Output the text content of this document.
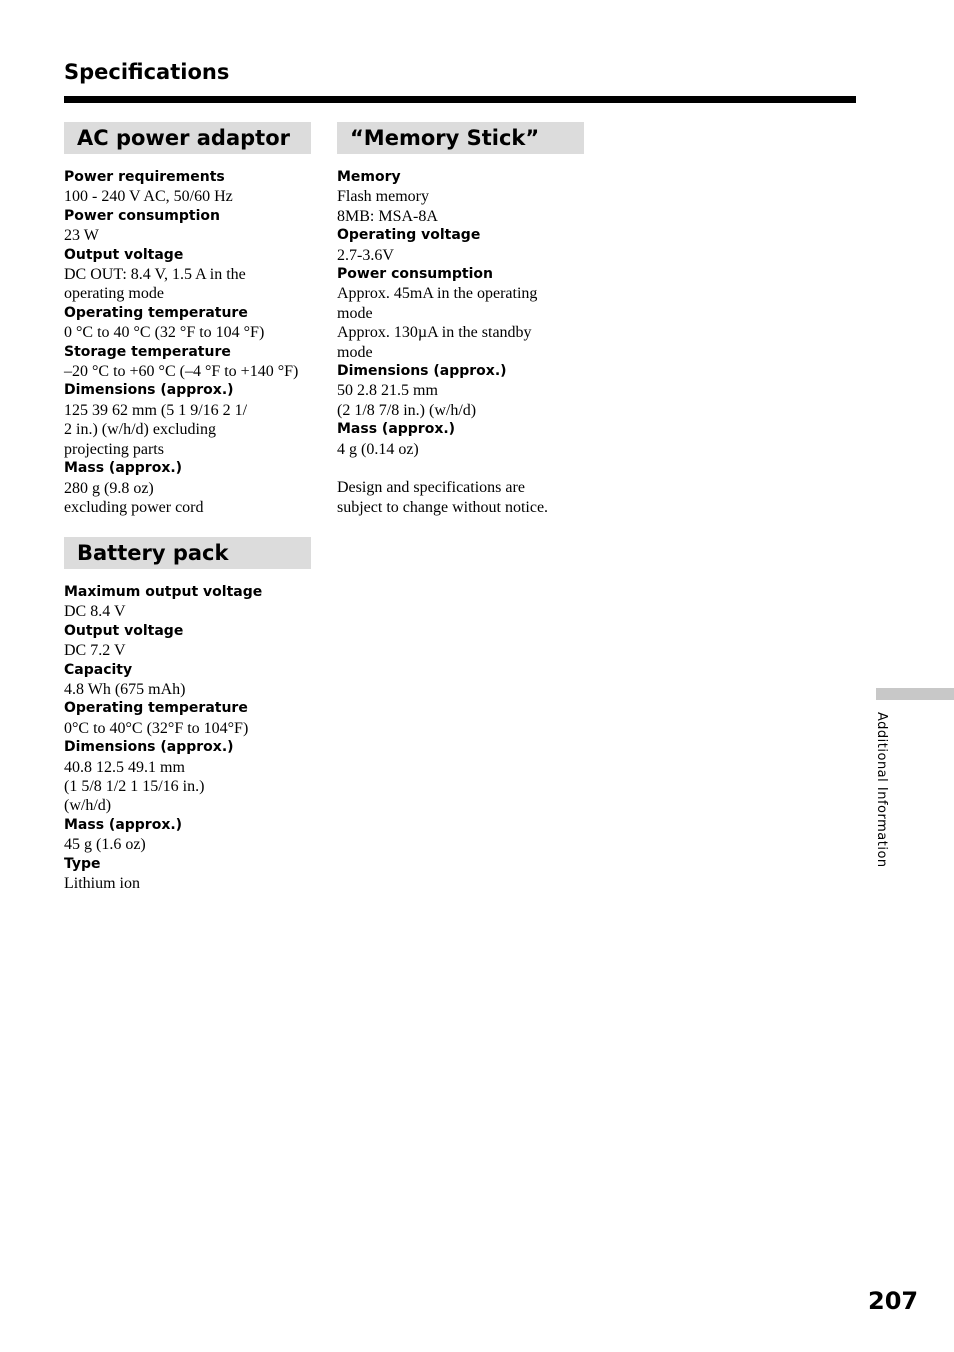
Specifications
AC power adaptor
Power requirements
100 - 240 V AC, 50/60 Hz
Power consumption
23 W
Output voltage
DC OUT: 8.4 V, 1.5 A in the
operating mode
Operating temperature
0 °C to 40 °C (32 °F to 104 °F)
Storage temperature
–20 °C to +60 °C (–4 °F to +140 °F)
Dimensions (approx.)
125 39 62 mm (5 1 9/16 2 1/
2 in.) (w/h/d) excluding
projecting parts
Mass (approx.)
280 g (9.8 oz)
excluding power cord
Battery pack
Maximum output voltage
DC 8.4 V
Output voltage
DC 7.2 V
Capacity
4.8 Wh (675 mAh)
Operating temperature
0°C to 40°C (32°F to 104°F)
Dimensions (approx.)
40.8 12.5 49.1 mm
(1 5/8 1/2 1 15/16 in.)
(w/h/d)
Mass (approx.)
45 g (1.6 oz)
Type
Lithium ion
“Memory Stick”
Memory
Flash memory
8MB: MSA-8A
Operating voltage
2.7-3.6V
Power consumption
Approx. 45mA in the operating
mode
Approx. 130µA in the standby
mode
Dimensions (approx.)
50 2.8 21.5 mm
(2 1/8 7/8 in.) (w/h/d)
Mass (approx.)
4 g (0.14 oz)
Design and specifications are
subject to change without notice.
Additional Information
207
